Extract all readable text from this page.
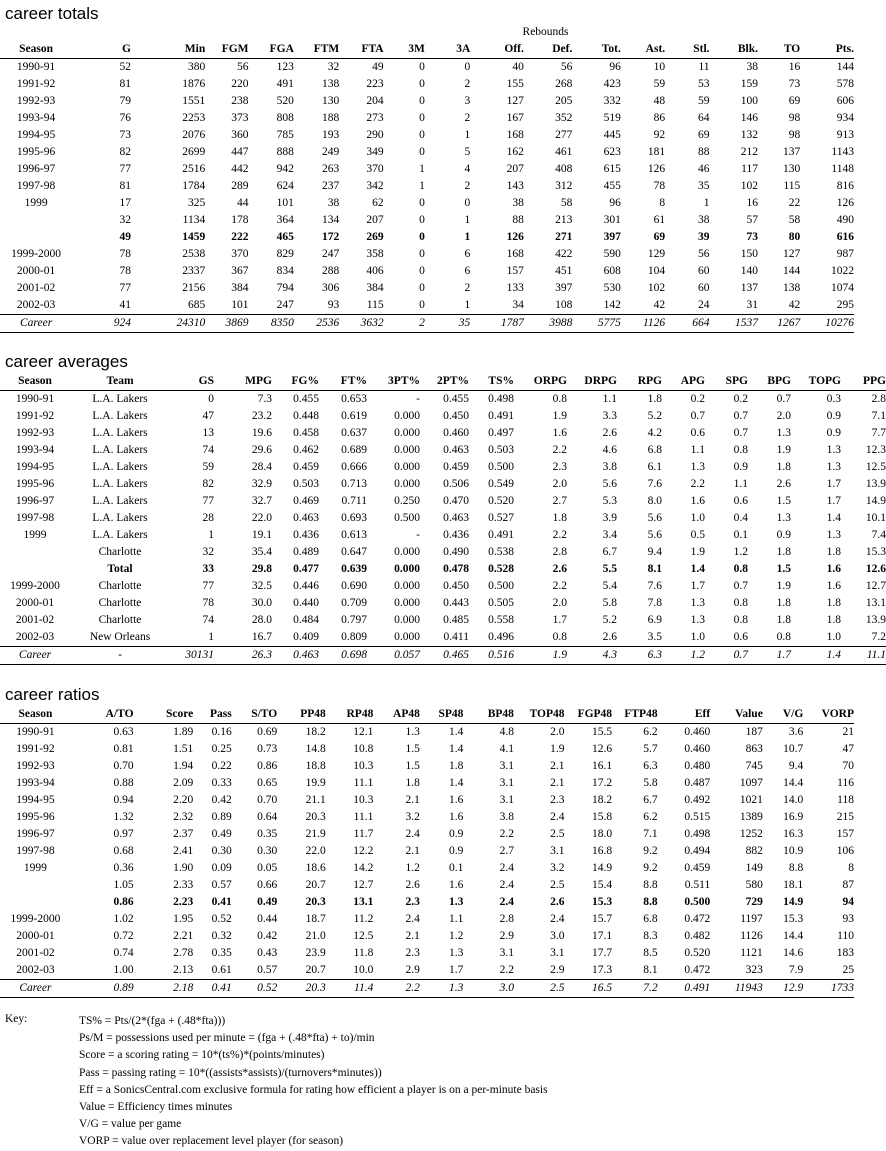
career totals
									Rebounds							
Season	G	Min	FGM	FGA	FTM	FTA	3M	3A	Off.	Def.	Tot.	Ast.	Stl.	Blk.	TO	Pts.
1990-91	52	380	56	123	32	49	0	0	40	56	96	10	11	38	16	144
1991-92	81	1876	220	491	138	223	0	2	155	268	423	59	53	159	73	578
1992-93	79	1551	238	520	130	204	0	3	127	205	332	48	59	100	69	606
1993-94	76	2253	373	808	188	273	0	2	167	352	519	86	64	146	98	934
1994-95	73	2076	360	785	193	290	0	1	168	277	445	92	69	132	98	913
1995-96	82	2699	447	888	249	349	0	5	162	461	623	181	88	212	137	1143
1996-97	77	2516	442	942	263	370	1	4	207	408	615	126	46	117	130	1148
1997-98	81	1784	289	624	237	342	1	2	143	312	455	78	35	102	115	816
1999	17	325	44	101	38	62	0	0	38	58	96	8	1	16	22	126
	32	1134	178	364	134	207	0	1	88	213	301	61	38	57	58	490
	49	1459	222	465	172	269	0	1	126	271	397	69	39	73	80	616
1999-2000	78	2538	370	829	247	358	0	6	168	422	590	129	56	150	127	987
2000-01	78	2337	367	834	288	406	0	6	157	451	608	104	60	140	144	1022
2001-02	77	2156	384	794	306	384	0	2	133	397	530	102	60	137	138	1074
2002-03	41	685	101	247	93	115	0	1	34	108	142	42	24	31	42	295
Career	924	24310	3869	8350	2536	3632	2	35	1787	3988	5775	1126	664	1537	1267	10276
career averages
Season	Team	GS	MPG	FG%	FT%	3PT%	2PT%	TS%	ORPG	DRPG	RPG	APG	SPG	BPG	TOPG	PPG
1990-91	L.A. Lakers	0	7.3	0.455	0.653	-	0.455	0.498	0.8	1.1	1.8	0.2	0.2	0.7	0.3	2.8
1991-92	L.A. Lakers	47	23.2	0.448	0.619	0.000	0.450	0.491	1.9	3.3	5.2	0.7	0.7	2.0	0.9	7.1
1992-93	L.A. Lakers	13	19.6	0.458	0.637	0.000	0.460	0.497	1.6	2.6	4.2	0.6	0.7	1.3	0.9	7.7
1993-94	L.A. Lakers	74	29.6	0.462	0.689	0.000	0.463	0.503	2.2	4.6	6.8	1.1	0.8	1.9	1.3	12.3
1994-95	L.A. Lakers	59	28.4	0.459	0.666	0.000	0.459	0.500	2.3	3.8	6.1	1.3	0.9	1.8	1.3	12.5
1995-96	L.A. Lakers	82	32.9	0.503	0.713	0.000	0.506	0.549	2.0	5.6	7.6	2.2	1.1	2.6	1.7	13.9
1996-97	L.A. Lakers	77	32.7	0.469	0.711	0.250	0.470	0.520	2.7	5.3	8.0	1.6	0.6	1.5	1.7	14.9
1997-98	L.A. Lakers	28	22.0	0.463	0.693	0.500	0.463	0.527	1.8	3.9	5.6	1.0	0.4	1.3	1.4	10.1
1999	L.A. Lakers	1	19.1	0.436	0.613	-	0.436	0.491	2.2	3.4	5.6	0.5	0.1	0.9	1.3	7.4
	Charlotte	32	35.4	0.489	0.647	0.000	0.490	0.538	2.8	6.7	9.4	1.9	1.2	1.8	1.8	15.3
	Total	33	29.8	0.477	0.639	0.000	0.478	0.528	2.6	5.5	8.1	1.4	0.8	1.5	1.6	12.6
1999-2000	Charlotte	77	32.5	0.446	0.690	0.000	0.450	0.500	2.2	5.4	7.6	1.7	0.7	1.9	1.6	12.7
2000-01	Charlotte	78	30.0	0.440	0.709	0.000	0.443	0.505	2.0	5.8	7.8	1.3	0.8	1.8	1.8	13.1
2001-02	Charlotte	74	28.0	0.484	0.797	0.000	0.485	0.558	1.7	5.2	6.9	1.3	0.8	1.8	1.8	13.9
2002-03	New Orleans	1	16.7	0.409	0.809	0.000	0.411	0.496	0.8	2.6	3.5	1.0	0.6	0.8	1.0	7.2
Career	-	30131	26.3	0.463	0.698	0.057	0.465	0.516	1.9	4.3	6.3	1.2	0.7	1.7	1.4	11.1
career ratios
Season	A/TO	Score	Pass	S/TO	PP48	RP48	AP48	SP48	BP48	TOP48	FGP48	FTP48	Eff	Value	V/G	VORP
1990-91	0.63	1.89	0.16	0.69	18.2	12.1	1.3	1.4	4.8	2.0	15.5	6.2	0.460	187	3.6	21
1991-92	0.81	1.51	0.25	0.73	14.8	10.8	1.5	1.4	4.1	1.9	12.6	5.7	0.460	863	10.7	47
1992-93	0.70	1.94	0.22	0.86	18.8	10.3	1.5	1.8	3.1	2.1	16.1	6.3	0.480	745	9.4	70
1993-94	0.88	2.09	0.33	0.65	19.9	11.1	1.8	1.4	3.1	2.1	17.2	5.8	0.487	1097	14.4	116
1994-95	0.94	2.20	0.42	0.70	21.1	10.3	2.1	1.6	3.1	2.3	18.2	6.7	0.492	1021	14.0	118
1995-96	1.32	2.32	0.89	0.64	20.3	11.1	3.2	1.6	3.8	2.4	15.8	6.2	0.515	1389	16.9	215
1996-97	0.97	2.37	0.49	0.35	21.9	11.7	2.4	0.9	2.2	2.5	18.0	7.1	0.498	1252	16.3	157
1997-98	0.68	2.41	0.30	0.30	22.0	12.2	2.1	0.9	2.7	3.1	16.8	9.2	0.494	882	10.9	106
1999	0.36	1.90	0.09	0.05	18.6	14.2	1.2	0.1	2.4	3.2	14.9	9.2	0.459	149	8.8	8
	1.05	2.33	0.57	0.66	20.7	12.7	2.6	1.6	2.4	2.5	15.4	8.8	0.511	580	18.1	87
	0.86	2.23	0.41	0.49	20.3	13.1	2.3	1.3	2.4	2.6	15.3	8.8	0.500	729	14.9	94
1999-2000	1.02	1.95	0.52	0.44	18.7	11.2	2.4	1.1	2.8	2.4	15.7	6.8	0.472	1197	15.3	93
2000-01	0.72	2.21	0.32	0.42	21.0	12.5	2.1	1.2	2.9	3.0	17.1	8.3	0.482	1126	14.4	110
2001-02	0.74	2.78	0.35	0.43	23.9	11.8	2.3	1.3	3.1	3.1	17.7	8.5	0.520	1121	14.6	183
2002-03	1.00	2.13	0.61	0.57	20.7	10.0	2.9	1.7	2.2	2.9	17.3	8.1	0.472	323	7.9	25
Career	0.89	2.18	0.41	0.52	20.3	11.4	2.2	1.3	3.0	2.5	16.5	7.2	0.491	11943	12.9	1733
Key:	TS% = Pts/(2*(fga + (.48*fta)))
Ps/M = possessions used per minute = (fga + (.48*fta) + to)/min
Score = a scoring rating = 10*(ts%)*(points/minutes)
Pass = passing rating = 10*((assists*assists)/(turnovers*minutes))
Eff = a SonicsCentral.com exclusive formula for rating how efficient a player is on a per-minute basis
Value = Efficiency times minutes
V/G = value per game
VORP = value over replacement level player (for season)
